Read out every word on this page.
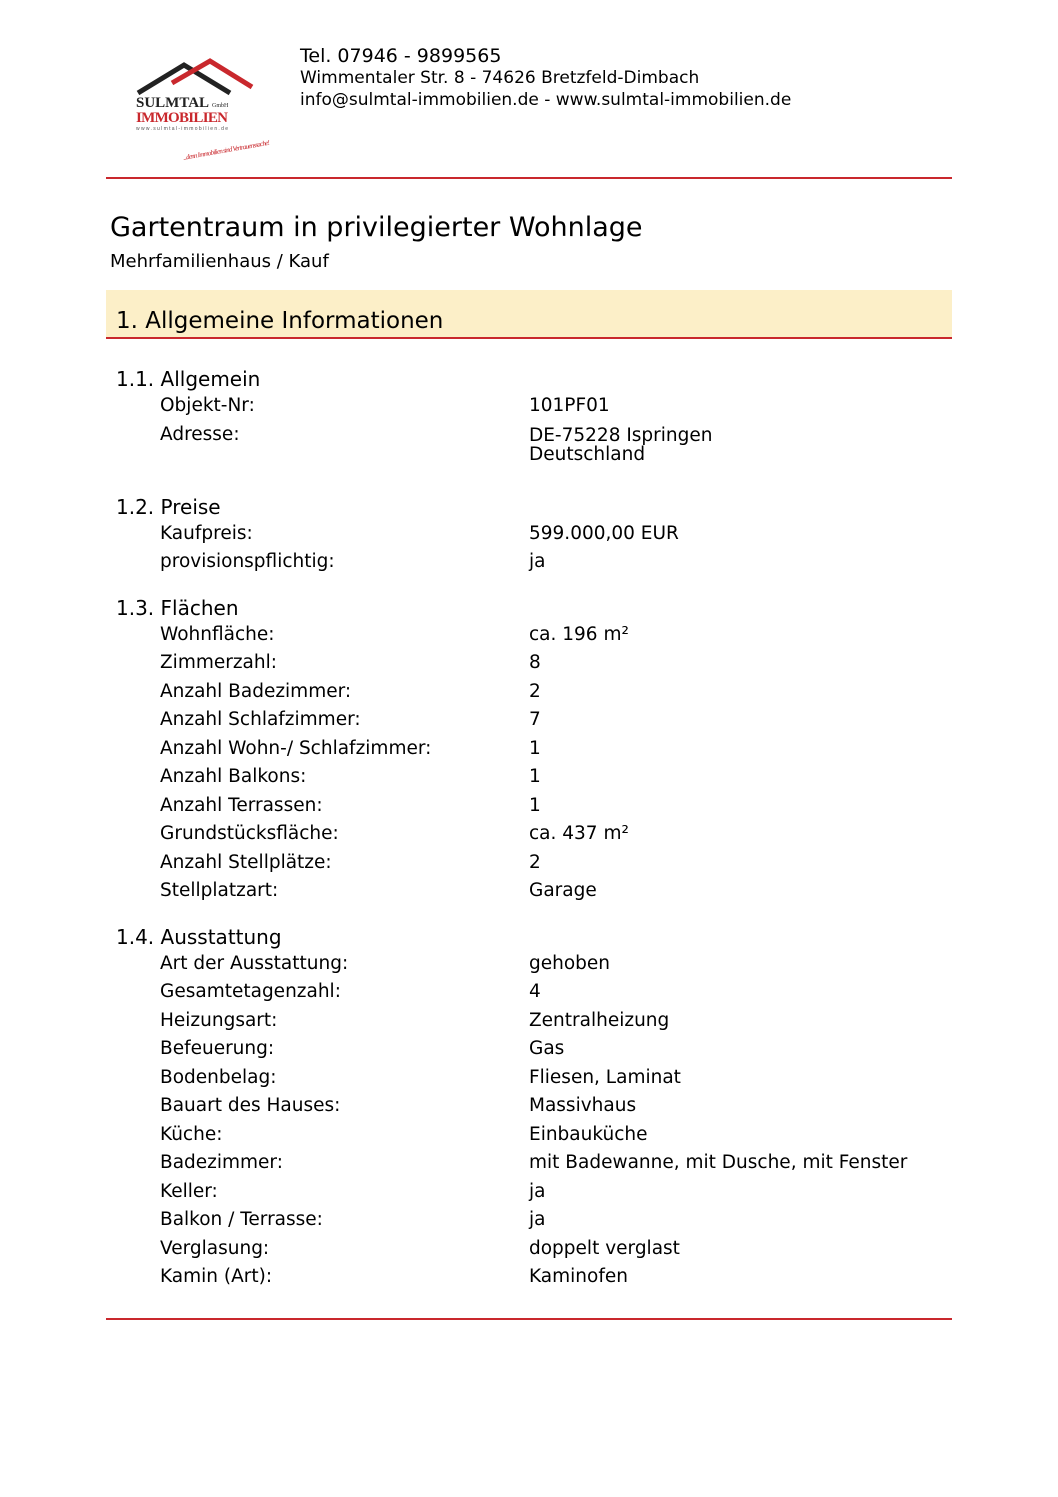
SULMTAL GmbH
IMMOBILIEN
www.sulmtal-immobilien.de
...denn Immobilien sind Vertrauenssache!
Tel. 07946 - 9899565
Wimmentaler Str. 8 - 74626 Bretzfeld-Dimbach
info@sulmtal-immobilien.de - www.sulmtal-immobilien.de
Gartentraum in privilegierter Wohnlage
Mehrfamilienhaus / Kauf
1. Allgemeine Informationen
1.1. Allgemein
Objekt-Nr:	101PF01
Adresse:	DE-75228 Ispringen
Deutschland
1.2. Preise
Kaufpreis:	599.000,00 EUR
provisionspflichtig:	ja
1.3. Flächen
Wohnfläche:	ca. 196 m²
Zimmerzahl:	8
Anzahl Badezimmer:	2
Anzahl Schlafzimmer:	7
Anzahl Wohn-/ Schlafzimmer:	1
Anzahl Balkons:	1
Anzahl Terrassen:	1
Grundstücksfläche:	ca. 437 m²
Anzahl Stellplätze:	2
Stellplatzart:	Garage
1.4. Ausstattung
Art der Ausstattung:	gehoben
Gesamtetagenzahl:	4
Heizungsart:	Zentralheizung
Befeuerung:	Gas
Bodenbelag:	Fliesen, Laminat
Bauart des Hauses:	Massivhaus
Küche:	Einbauküche
Badezimmer:	mit Badewanne, mit Dusche, mit Fenster
Keller:	ja
Balkon / Terrasse:	ja
Verglasung:	doppelt verglast
Kamin (Art):	Kaminofen
